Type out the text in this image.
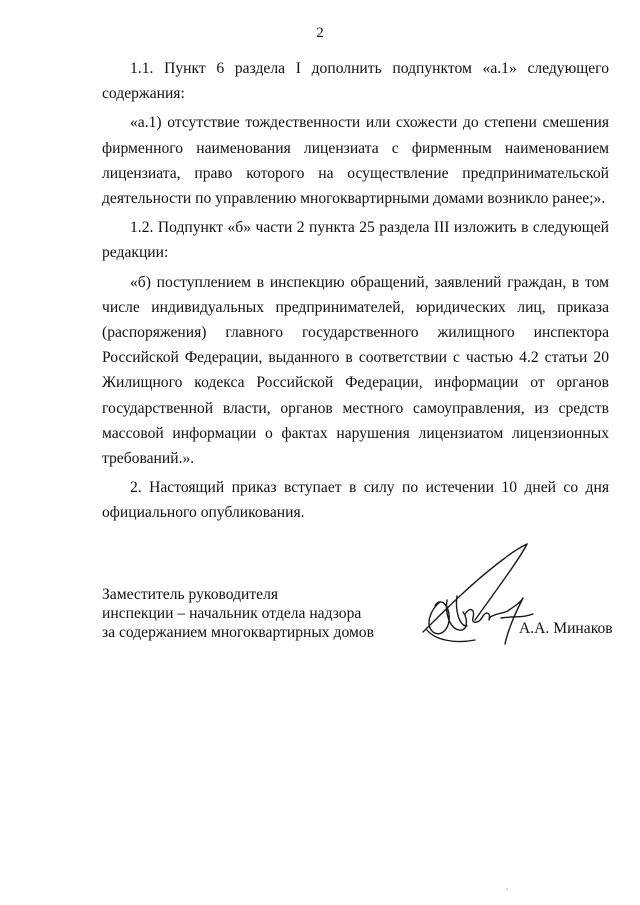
2

1.1. Пункт 6 раздела I дополнить подпунктом «а.1» следующего содержания:

«а.1) отсутствие тождественности или схожести до степени смешения фирменного наименования лицензиата с фирменным наименованием лицензиата, право которого на осуществление предпринимательской деятельности по управлению многоквартирными домами возникло ранее;».

1.2. Подпункт «б» части 2 пункта 25 раздела III изложить в следующей редакции:

«б) поступлением в инспекцию обращений, заявлений граждан, в том числе индивидуальных предпринимателей, юридических лиц, приказа (распоряжения) главного государственного жилищного инспектора Российской Федерации, выданного в соответствии с частью 4.2 статьи 20 Жилищного кодекса Российской Федерации, информации от органов государственной власти, органов местного самоуправления, из средств массовой информации о фактах нарушения лицензиатом лицензионных требований.».

2. Настоящий приказ вступает в силу по истечении 10 дней со дня официального опубликования.

Заместитель руководителя
инспекции – начальник отдела надзора
за содержанием многоквартирных домов	А.А. Минаков
